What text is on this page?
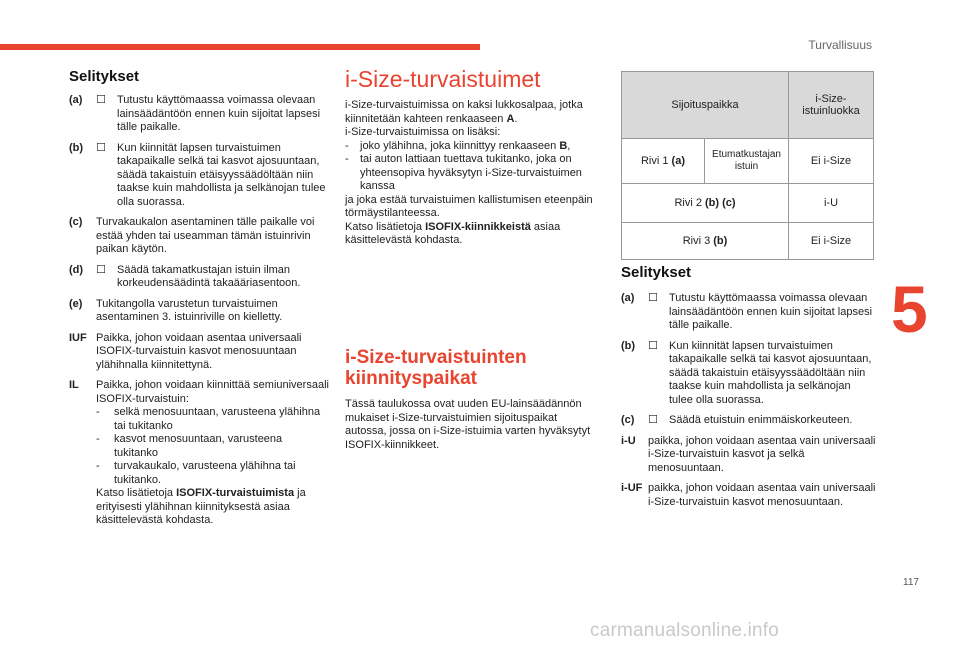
Turvallisuus
Selitykset
(a)	☐	Tutustu käyttömaassa voimassa olevaan lainsäädäntöön ennen kuin sijoitat lapsesi tälle paikalle.
(b)	☐	Kun kiinnität lapsen turvaistuimen takapaikalle selkä tai kasvot ajosuuntaan, säädä takaistuin etäisyyssäädöltään niin taakse kuin mahdollista ja selkänojan tulee olla suorassa.
(c)	Turvakaukalon asentaminen tälle paikalle voi estää yhden tai useamman tämän istuinrivin paikan käytön.
(d)	☐	Säädä takamatkustajan istuin ilman korkeudensäädintä takaääriasentoon.
(e)	Tukitangolla varustetun turvaistuimen asentaminen 3. istuinriville on kielletty.
IUF Paikka, johon voidaan asentaa universaali ISOFIX-turvaistuin kasvot menosuuntaan ylähihnalla kiinnitettynä.
IL	Paikka, johon voidaan kiinnittää semiuniversaali ISOFIX-turvaistuin:
-	selkä menosuuntaan, varusteena ylähihna tai tukitanko
-	kasvot menosuuntaan, varusteena tukitanko
-	turvakaukalo, varusteena ylähihna tai tukitanko.
Katso lisätietoja ISOFIX-turvaistuimista ja erityisesti ylähihnan kiinnityksestä asiaa käsittelevästä kohdasta.
i-Size-turvaistuimet
i-Size-turvaistuimissa on kaksi lukkosalpaa, jotka kiinnitetään kahteen renkaaseen A.
i-Size-turvaistuimissa on lisäksi:
-	joko ylähihna, joka kiinnittyy renkaaseen B,
-	tai auton lattiaan tuettava tukitanko, joka on yhteensopiva hyväksytyn i-Size-turvaistuimen kanssa
ja joka estää turvaistuimen kallistumisen eteenpäin törmäystilanteessa.
Katso lisätietoja ISOFIX-kiinnikkeistä asiaa käsittelevästä kohdasta.
i-Size-turvaistuinten kiinnityspaikat
Tässä taulukossa ovat uuden EU-lainsäädännön mukaiset i-Size-turvaistuimien sijoituspaikat autossa, jossa on i-Size-istuimia varten hyväksytyt ISOFIX-kiinnikkeet.
Sijoituspaikka		i-Size-istuinluokka
Rivi 1 (a)	Etumatkustajan istuin	Ei i-Size
Rivi 2 (b) (c)		i-U
Rivi 3 (b)		Ei i-Size
Selitykset
(a)	☐	Tutustu käyttömaassa voimassa olevaan lainsäädäntöön ennen kuin sijoitat lapsesi tälle paikalle.
(b)	☐	Kun kiinnität lapsen turvaistuimen takapaikalle selkä tai kasvot ajosuuntaan, säädä takaistuin etäisyyssäädöltään niin taakse kuin mahdollista ja selkänojan tulee olla suorassa.
(c)	☐	Säädä etuistuin enimmäiskorkeuteen.
i-U	paikka, johon voidaan asentaa vain universaali i-Size-turvaistuin kasvot ja selkä menosuuntaan.
i-UF paikka, johon voidaan asentaa vain universaali i-Size-turvaistuin kasvot menosuuntaan.
5
117
carmanualsonline.info
